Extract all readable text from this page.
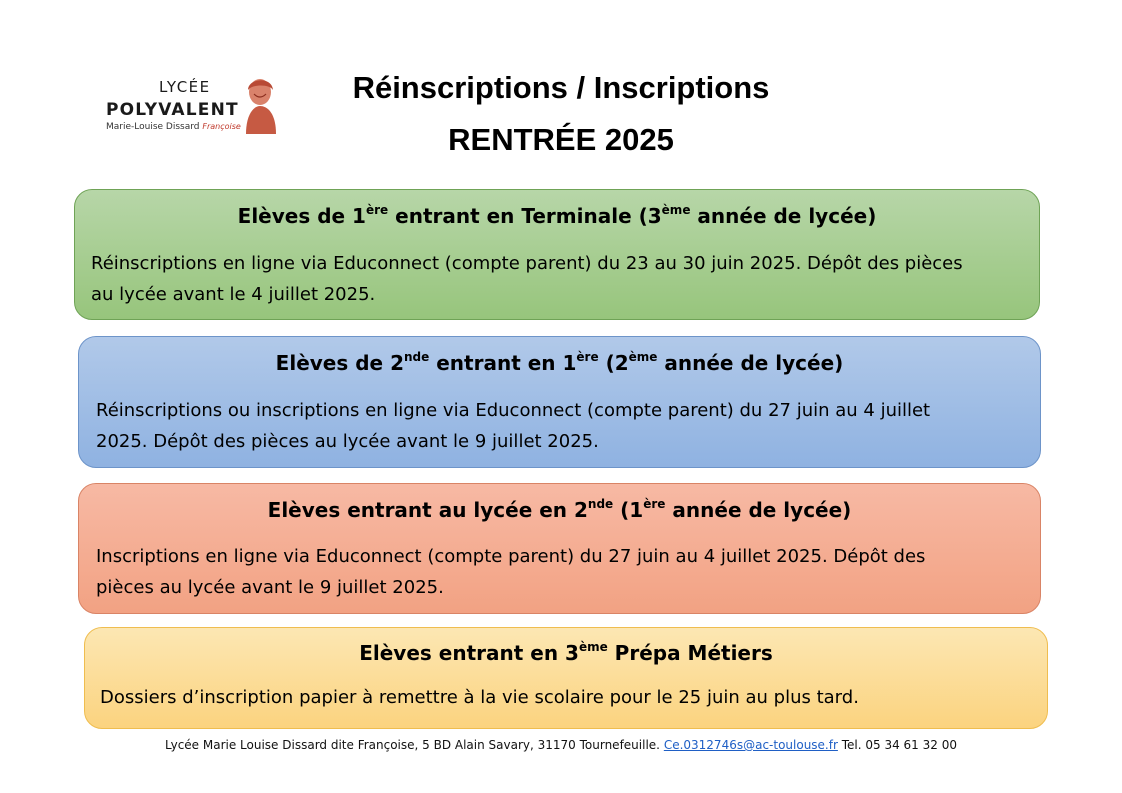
LYCÉE
POLYVALENT
Marie-Louise Dissard Françoise
Réinscriptions / Inscriptions
RENTRÉE 2025
Elèves de 1ère entrant en Terminale (3ème année de lycée)
Réinscriptions en ligne via Educonnect (compte parent) du 23 au 30 juin 2025. Dépôt des pièces
au lycée avant le 4 juillet 2025.
Elèves de 2nde entrant en 1ère (2ème année de lycée)
Réinscriptions ou inscriptions en ligne via Educonnect (compte parent) du 27 juin au 4 juillet
2025. Dépôt des pièces au lycée avant le 9 juillet 2025.
Elèves entrant au lycée en 2nde (1ère année de lycée)
Inscriptions en ligne via Educonnect (compte parent) du 27 juin au 4 juillet 2025. Dépôt des
pièces au lycée avant le 9 juillet 2025.
Elèves entrant en 3ème Prépa Métiers
Dossiers d’inscription papier à remettre à la vie scolaire pour le 25 juin au plus tard.
Lycée Marie Louise Dissard dite Françoise, 5 BD Alain Savary, 31170 Tournefeuille. Ce.0312746s@ac-toulouse.fr Tel. 05 34 61 32 00
